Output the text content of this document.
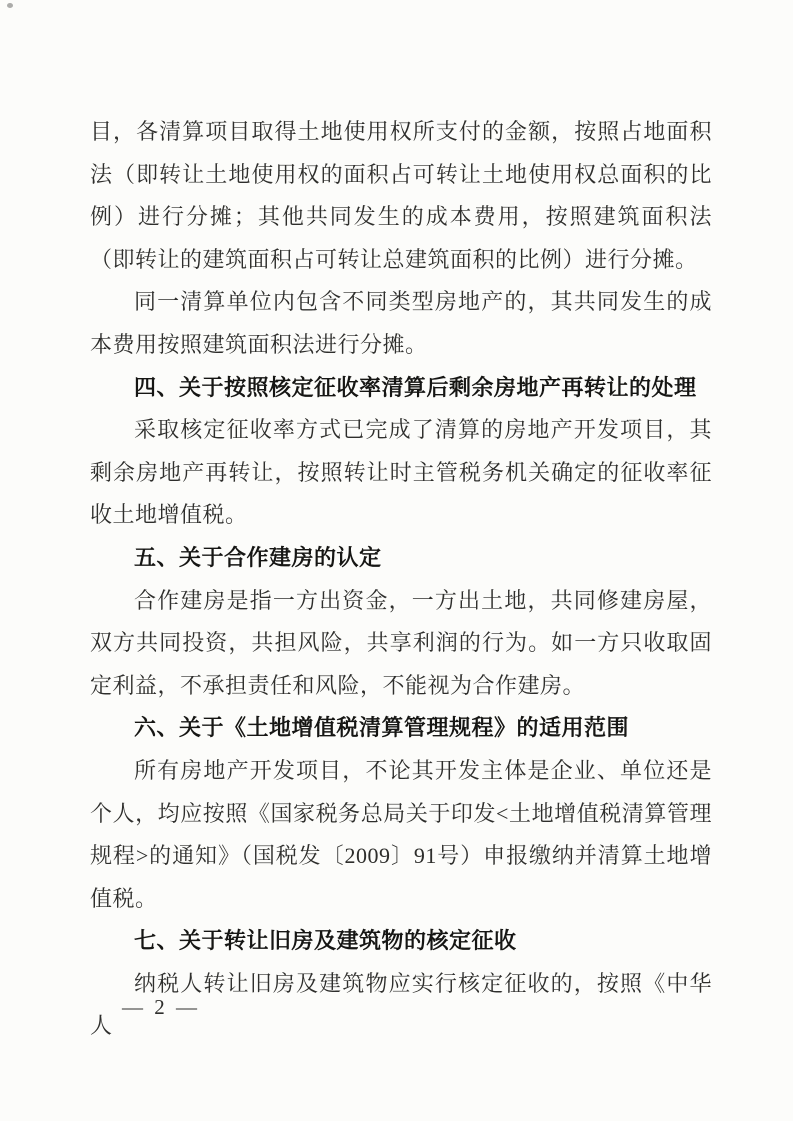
目，各清算项目取得土地使用权所支付的金额，按照占地面积法（即转让土地使用权的面积占可转让土地使用权总面积的比例）进行分摊；其他共同发生的成本费用，按照建筑面积法（即转让的建筑面积占可转让总建筑面积的比例）进行分摊。

同一清算单位内包含不同类型房地产的，其共同发生的成本费用按照建筑面积法进行分摊。

四、关于按照核定征收率清算后剩余房地产再转让的处理

采取核定征收率方式已完成了清算的房地产开发项目，其剩余房地产再转让，按照转让时主管税务机关确定的征收率征收土地增值税。

五、关于合作建房的认定

合作建房是指一方出资金，一方出土地，共同修建房屋，双方共同投资，共担风险，共享利润的行为。如一方只收取固定利益，不承担责任和风险，不能视为合作建房。

六、关于《土地增值税清算管理规程》的适用范围

所有房地产开发项目，不论其开发主体是企业、单位还是个人，均应按照《国家税务总局关于印发<土地增值税清算管理规程>的通知》（国税发〔2009〕91号）申报缴纳并清算土地增值税。

七、关于转让旧房及建筑物的核定征收

纳税人转让旧房及建筑物应实行核定征收的，按照《中华人

— 2 —
